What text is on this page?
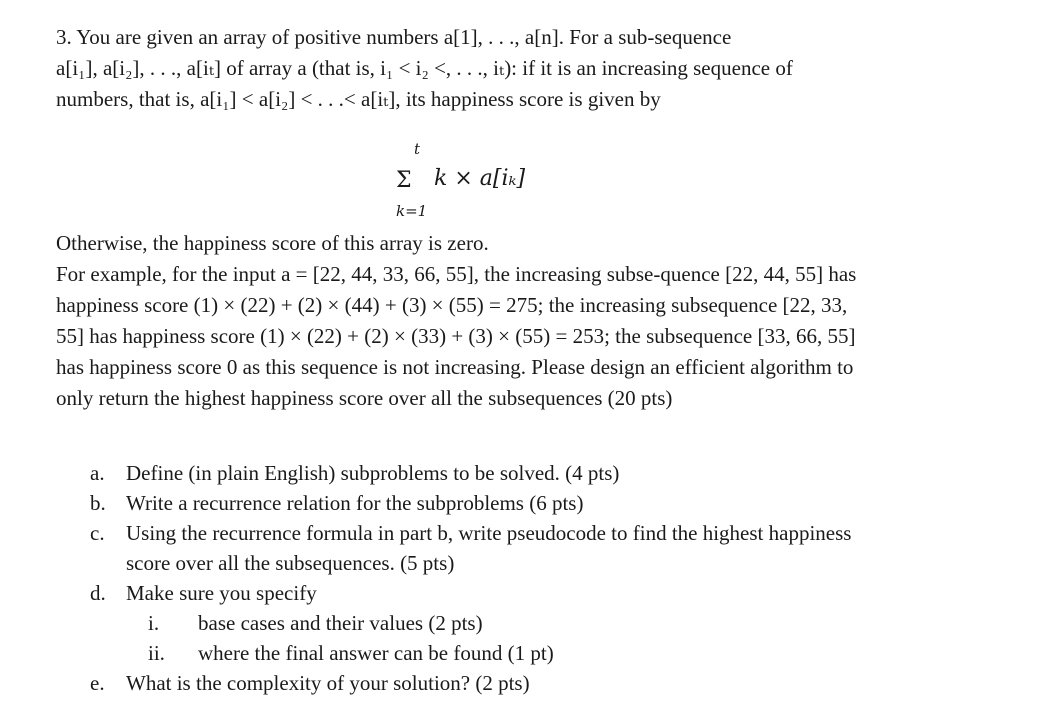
3. You are given an array of positive numbers a[1], . . ., a[n]. For a sub-sequence

a[i₁], a[i₂], . . ., a[iₜ] of array a (that is, i₁ < i₂ <, . . ., iₜ): if it is an increasing sequence of

numbers, that is, a[i₁] < a[i₂] < . . .< a[iₜ], its happiness score is given by

t
Σ k × a[iₖ]
k=1

Otherwise, the happiness score of this array is zero.

For example, for the input a = [22, 44, 33, 66, 55], the increasing subse-quence [22, 44, 55] has

happiness score (1) × (22) + (2) × (44) + (3) × (55) = 275; the increasing subsequence [22, 33,

55] has happiness score (1) × (22) + (2) × (33) + (3) × (55) = 253; the subsequence [33, 66, 55]

has happiness score 0 as this sequence is not increasing. Please design an efficient algorithm to

only return the highest happiness score over all the subsequences (20 pts)

a.	Define (in plain English) subproblems to be solved. (4 pts)
b. Write a recurrence relation for the subproblems (6 pts)
c.	Using the recurrence formula in part b, write pseudocode to find the highest happiness
score over all the subsequences. (5 pts)
d. Make sure you specify
i.	base cases and their values (2 pts)
ii.	where the final answer can be found (1 pt)
e.	What is the complexity of your solution? (2 pts)
